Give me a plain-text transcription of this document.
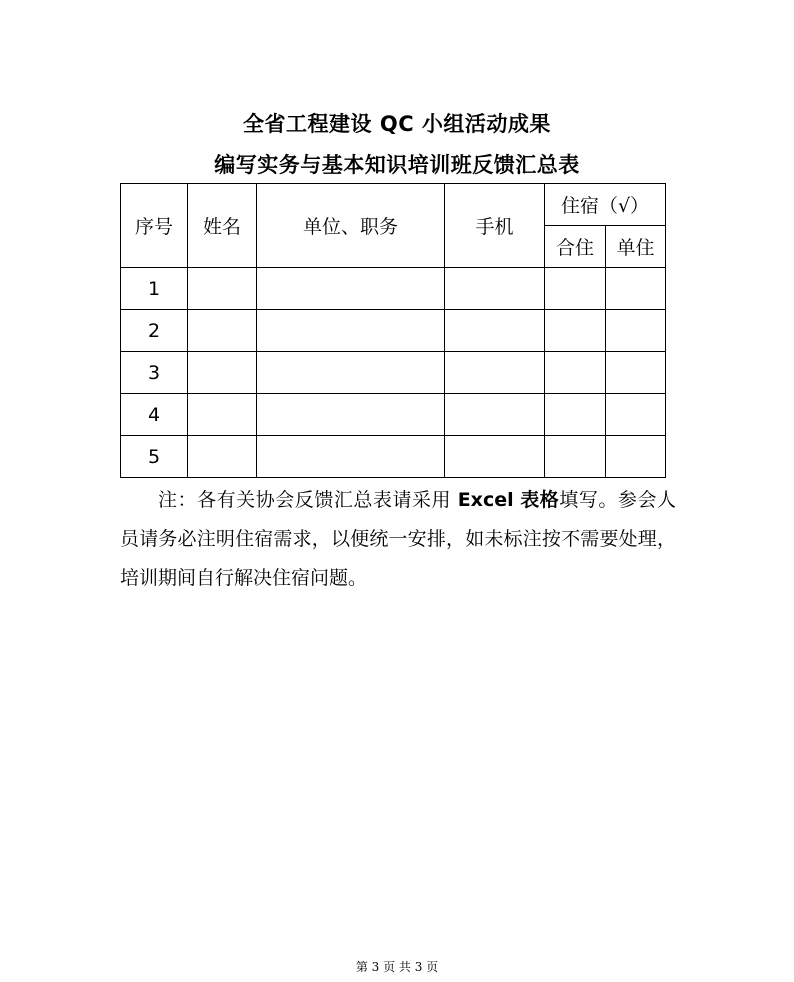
全省工程建设 QC 小组活动成果
编写实务与基本知识培训班反馈汇总表
序号	姓名	单位、职务	手机	住宿（√）	
				合住	单住
1					
2					
3					
4					
5					

注：各有关协会反馈汇总表请采用 Excel 表格填写。参会人员请务必注明住宿需求，以便统一安排，如未标注按不需要处理，培训期间自行解决住宿问题。

第 3 页 共 3 页
